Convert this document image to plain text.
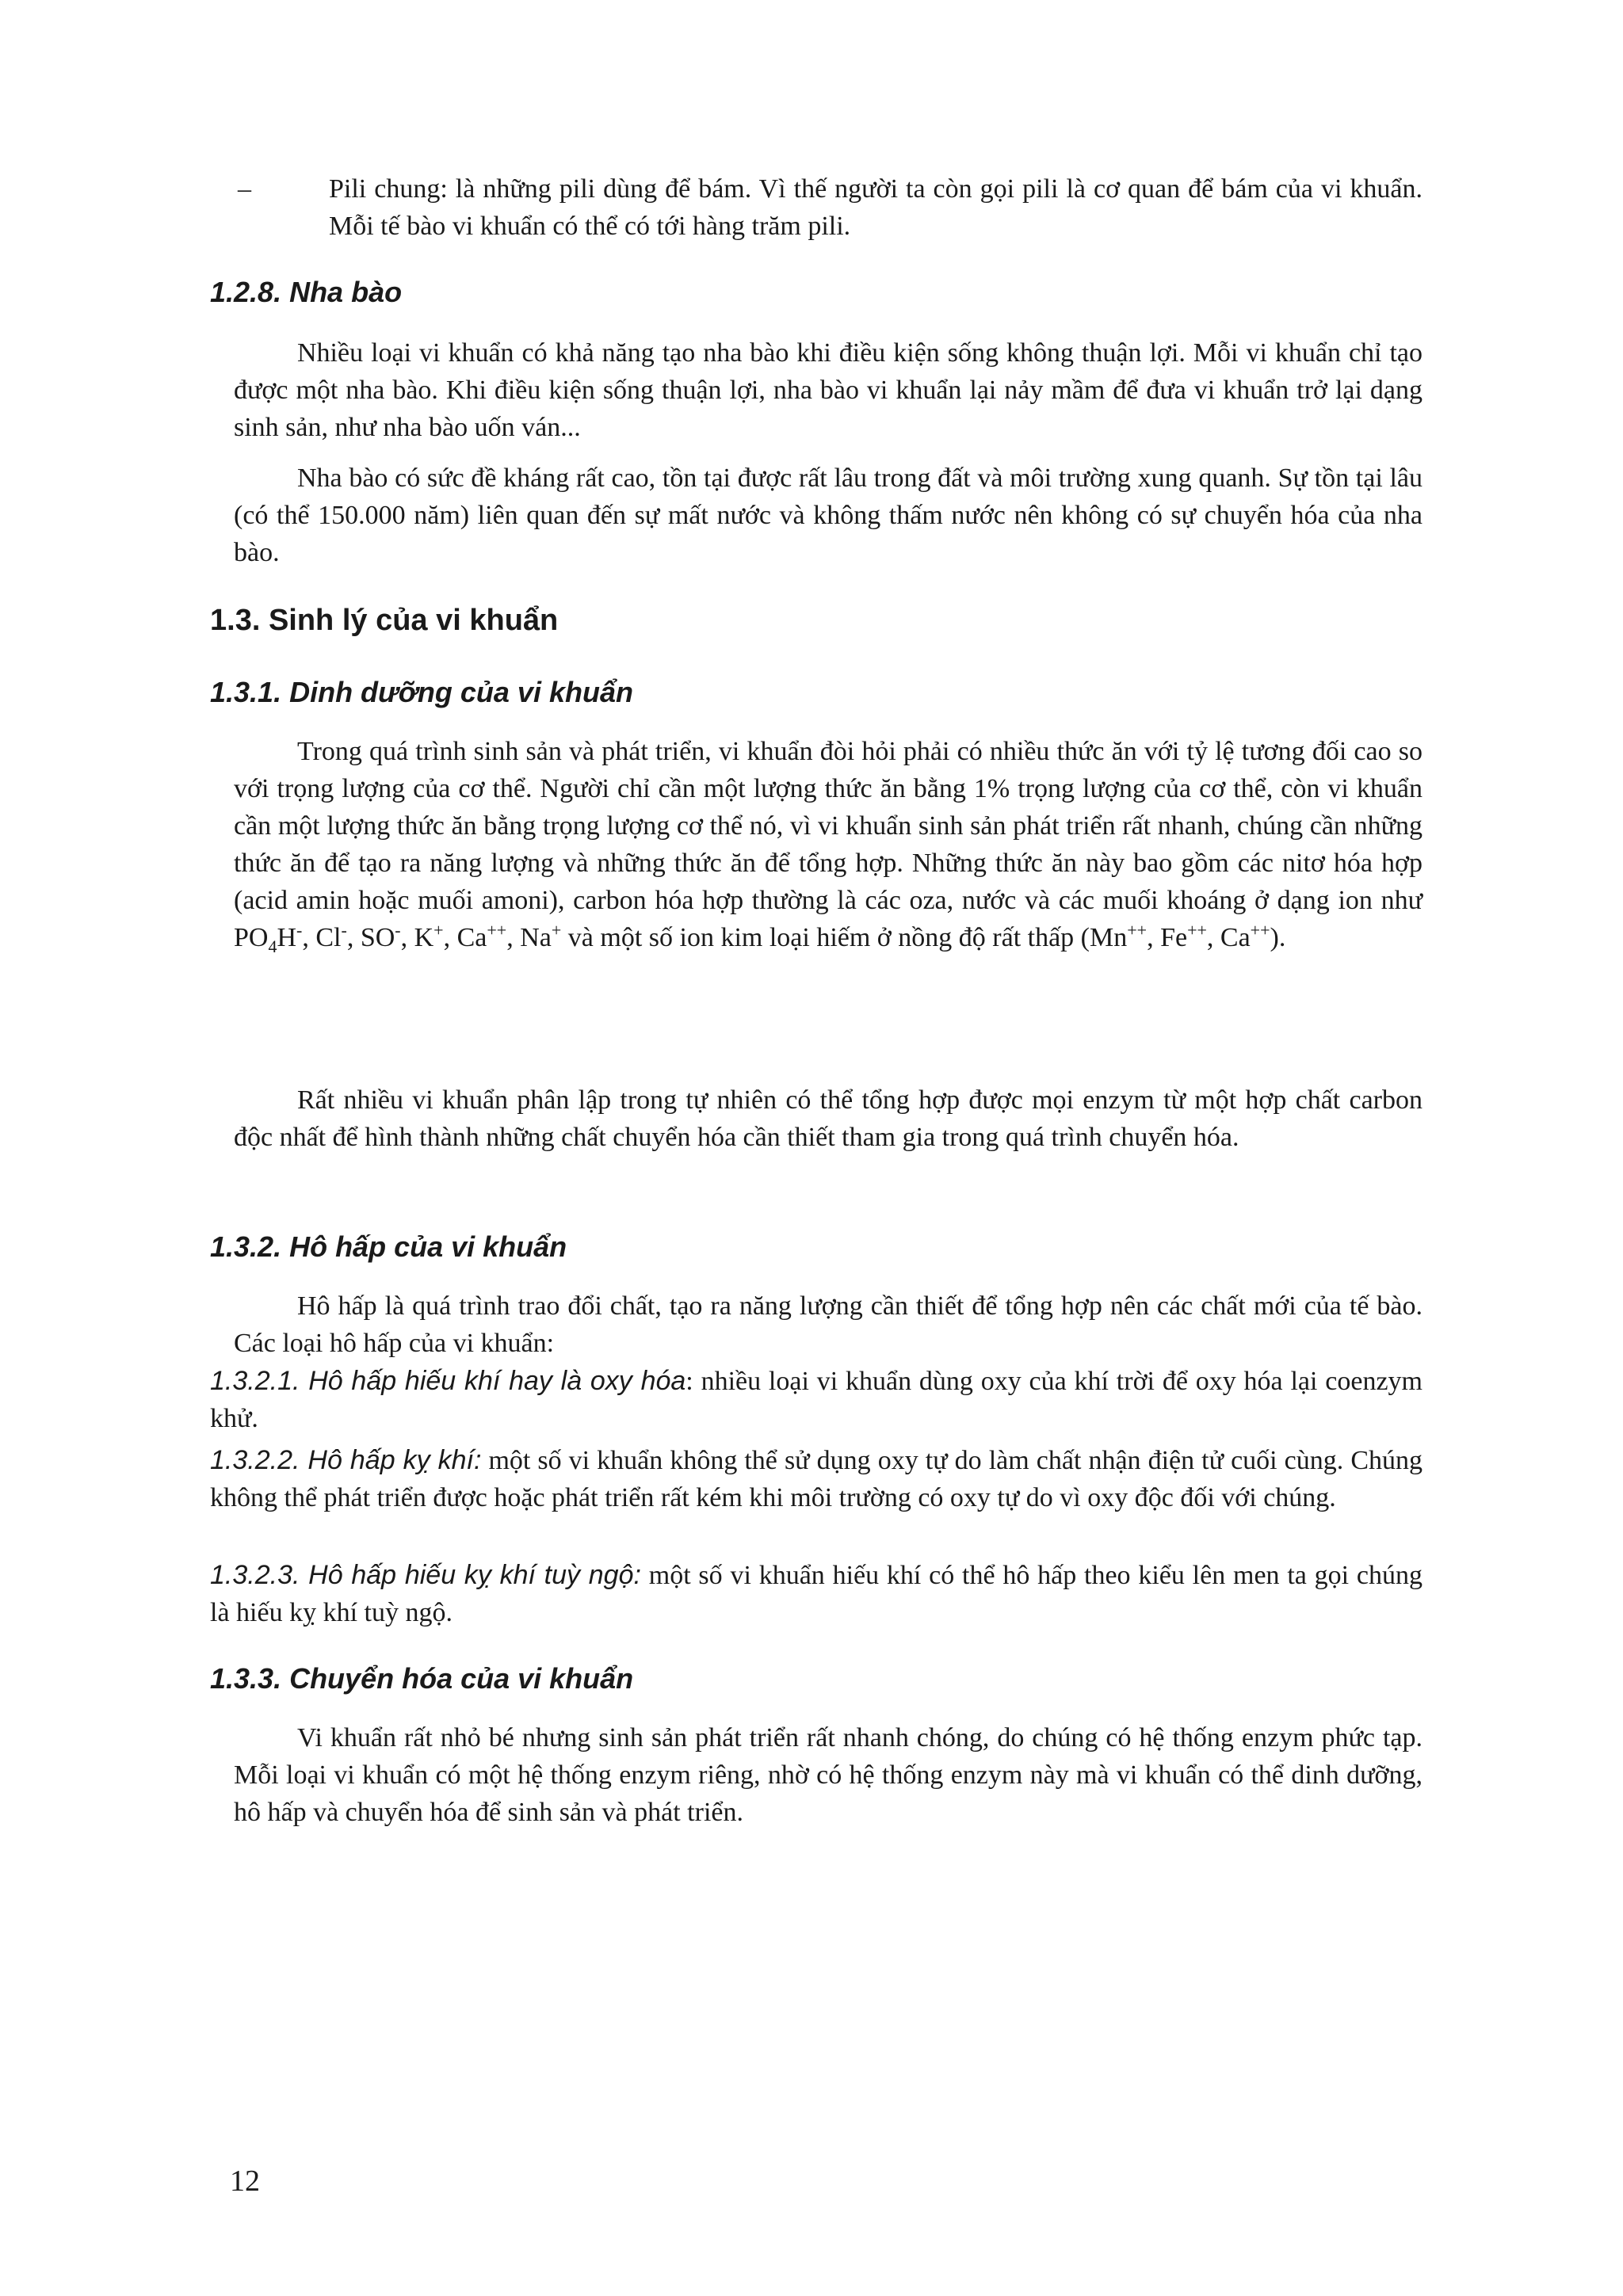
–	Pili chung: là những pili dùng để bám. Vì thế người ta còn gọi pili là cơ quan để bám của vi khuẩn. Mỗi tế bào vi khuẩn có thể có tới hàng trăm pili.

1.2.8. Nha bào

Nhiều loại vi khuẩn có khả năng tạo nha bào khi điều kiện sống không thuận lợi. Mỗi vi khuẩn chỉ tạo được một nha bào. Khi điều kiện sống thuận lợi, nha bào vi khuẩn lại nảy mầm để đưa vi khuẩn trở lại dạng sinh sản, như nha bào uốn ván...

Nha bào có sức đề kháng rất cao, tồn tại được rất lâu trong đất và môi trường xung quanh. Sự tồn tại lâu (có thể 150.000 năm) liên quan đến sự mất nước và không thấm nước nên không có sự chuyển hóa của nha bào.

1.3. Sinh lý của vi khuẩn
1.3.1. Dinh dưỡng của vi khuẩn

Trong quá trình sinh sản và phát triển, vi khuẩn đòi hỏi phải có nhiều thức ăn với tỷ lệ tương đối cao so với trọng lượng của cơ thể. Người chỉ cần một lượng thức ăn bằng 1% trọng lượng của cơ thể, còn vi khuẩn cần một lượng thức ăn bằng trọng lượng cơ thể nó, vì vi khuẩn sinh sản phát triển rất nhanh, chúng cần những thức ăn để tạo ra năng lượng và những thức ăn để tổng hợp. Những thức ăn này bao gồm các nitơ hóa hợp (acid amin hoặc muối amoni), carbon hóa hợp thường là các oza, nước và các muối khoáng ở dạng ion như $PO_4H^-$, Cl-, SO-, K+, Ca++, Na+ và một số ion kim loại hiếm ở nồng độ rất thấp (Mn++, Fe++, Ca++).

Rất nhiều vi khuẩn phân lập trong tự nhiên có thể tổng hợp được mọi enzym từ một hợp chất carbon độc nhất để hình thành những chất chuyển hóa cần thiết tham gia trong quá trình chuyển hóa.

1.3.2. Hô hấp của vi khuẩn

Hô hấp là quá trình trao đổi chất, tạo ra năng lượng cần thiết để tổng hợp nên các chất mới của tế bào. Các loại hô hấp của vi khuẩn:

1.3.2.1. Hô hấp hiếu khí hay là oxy hóa: nhiều loại vi khuẩn dùng oxy của khí trời để oxy hóa lại coenzym khử.

1.3.2.2. Hô hấp kỵ khí: một số vi khuẩn không thể sử dụng oxy tự do làm chất nhận điện tử cuối cùng. Chúng không thể phát triển được hoặc phát triển rất kém khi môi trường có oxy tự do vì oxy độc đối với chúng.

1.3.2.3. Hô hấp hiếu kỵ khí tuỳ ngộ: một số vi khuẩn hiếu khí có thể hô hấp theo kiểu lên men ta gọi chúng là hiếu kỵ khí tuỳ ngộ.

1.3.3. Chuyển hóa của vi khuẩn

Vi khuẩn rất nhỏ bé nhưng sinh sản phát triển rất nhanh chóng, do chúng có hệ thống enzym phức tạp. Mỗi loại vi khuẩn có một hệ thống enzym riêng, nhờ có hệ thống enzym này mà vi khuẩn có thể dinh dưỡng, hô hấp và chuyển hóa để sinh sản và phát triển.

12
